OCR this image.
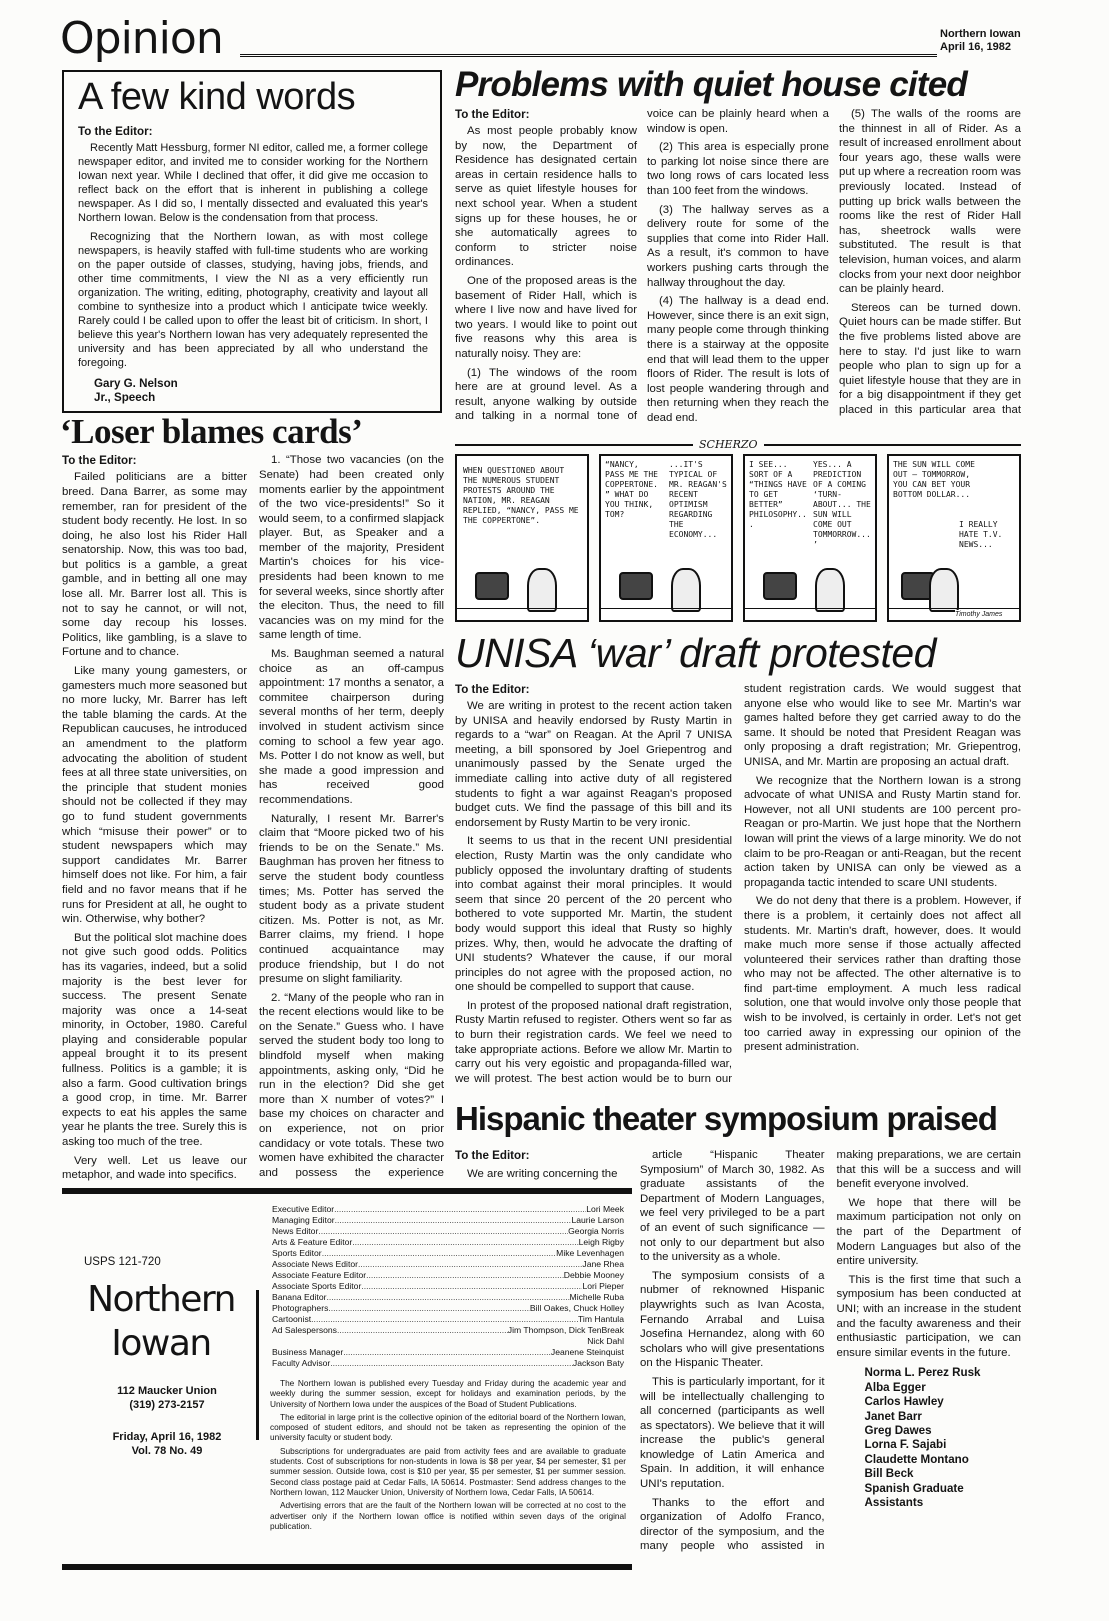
Opinion	Northern Iowan
April 16, 1982
A few kind words
To the Editor:

Recently Matt Hessburg, former NI editor, called me, a former college newspaper editor, and invited me to consider working for the Northern Iowan next year. While I declined that offer, it did give me occasion to reflect back on the effort that is inherent in publishing a college newspaper. As I did so, I mentally dissected and evaluated this year's Northern Iowan. Below is the condensation from that process.

Recognizing that the Northern Iowan, as with most college newspapers, is heavily staffed with full-time students who are working on the paper outside of classes, studying, having jobs, friends, and other time commitments, I view the NI as a very efficiently run organization. The writing, editing, photography, creativity and layout all combine to synthesize into a product which I anticipate twice weekly. Rarely could I be called upon to offer the least bit of criticism. In short, I believe this year's Northern Iowan has very adequately represented the university and has been appreciated by all who understand the foregoing.

Gary G. Nelson
Jr., Speech
‘Loser blames cards’
To the Editor:

Failed politicians are a bitter breed. Dana Barrer, as some may remember, ran for president of the student body recently. He lost. In so doing, he also lost his Rider Hall senatorship. Now, this was too bad, but politics is a gamble, a great gamble, and in betting all one may lose all. Mr. Barrer lost all. This is not to say he cannot, or will not, some day recoup his losses. Politics, like gambling, is a slave to Fortune and to chance.

Like many young gamesters, or gamesters much more seasoned but no more lucky, Mr. Barrer has left the table blaming the cards. At the Republican caucuses, he introduced an amendment to the platform advocating the abolition of student fees at all three state universities, on the principle that student monies should not be collected if they may go to fund student governments which “misuse their power” or to student newspapers which may support candidates Mr. Barrer himself does not like. For him, a fair field and no favor means that if he runs for President at all, he ought to win. Otherwise, why bother?

But the political slot machine does not give such good odds. Politics has its vagaries, indeed, but a solid majority is the best lever for success. The present Senate majority was once a 14-seat minority, in October, 1980. Careful playing and considerable popular appeal brought it to its present fullness. Politics is a gamble; it is also a farm. Good cultivation brings a good crop, in time. Mr. Barrer expects to eat his apples the same year he plants the tree. Surely this is asking too much of the tree.

Very well. Let us leave our metaphor, and wade into specifics.

1. “Those two vacancies (on the Senate) had been created only moments earlier by the appointment of the two vice-presidents!” So it would seem, to a confirmed slapjack player. But, as Speaker and a member of the majority, President Martin's choices for his vice-presidents had been known to me for several weeks, since shortly after the eleciton. Thus, the need to fill vacancies was on my mind for the same length of time.

Ms. Baughman seemed a natural choice as an off-campus appointment: 17 months a senator, a commitee chairperson during several months of her term, deeply involved in student activism since coming to school a few year ago. Ms. Potter I do not know as well, but she made a good impression and has received good recommendations.

Naturally, I resent Mr. Barrer's claim that “Moore picked two of his friends to be on the Senate.” Ms. Baughman has proven her fitness to serve the student body countless times; Ms. Potter has served the student body as a private student citizen. Ms. Potter is not, as Mr. Barrer claims, my friend. I hope continued acquaintance may produce friendship, but I do not presume on slight familiarity.

2. “Many of the people who ran in the recent elections would like to be on the Senate.” Guess who. I have served the student body too long to blindfold myself when making appointments, asking only, “Did he run in the election? Did she get more than X number of votes?” I base my choices on character and on experience, not on prior candidacy or vote totals. These two women have exhibited the character and possess the experience

Problems with quiet house cited
To the Editor:

As most people probably know by now, the Department of Residence has designated certain areas in certain residence halls to serve as quiet lifestyle houses for next school year. When a student signs up for these houses, he or she automatically agrees to conform to stricter noise ordinances.

One of the proposed areas is the basement of Rider Hall, which is where I live now and have lived for two years. I would like to point out five reasons why this area is naturally noisy. They are:

(1) The windows of the room here are at ground level. As a result, anyone walking by outside and talking in a normal tone of voice can be plainly heard when a window is open.

(2) This area is especially prone to parking lot noise since there are two long rows of cars located less than 100 feet from the windows.

(3) The hallway serves as a delivery route for some of the supplies that come into Rider Hall. As a result, it's common to have workers pushing carts through the hallway throughout the day.

(4) The hallway is a dead end. However, since there is an exit sign, many people come through thinking there is a stairway at the opposite end that will lead them to the upper floors of Rider. The result is lots of lost people wandering through and then returning when they reach the dead end.

(5) The walls of the rooms are the thinnest in all of Rider. As a result of increased enrollment about four years ago, these walls were put up where a recreation room was previously located. Instead of putting up brick walls between the rooms like the rest of Rider Hall has, sheetrock walls were substituted. The result is that television, human voices, and alarm clocks from your next door neighbor can be plainly heard.

Stereos can be turned down. Quiet hours can be made stiffer. But the five problems listed above are here to stay. I'd just like to warn people who plan to sign up for a quiet lifestyle house that they are in for a big disappointment if they get placed in this particular area that

SCHERZO
WHEN QUESTIONED ABOUT THE NUMEROUS STUDENT PROTESTS AROUND THE NATION, MR. REAGAN REPLIED, “NANCY, PASS ME THE COPPERTONE”.
“NANCY, PASS ME THE COPPERTONE.” WHAT DO YOU THINK, TOM?
...IT'S TYPICAL OF MR. REAGAN'S RECENT OPTIMISM REGARDING THE ECONOMY...
I SEE... SORT OF A “THINGS HAVE TO GET BETTER” PHILOSOPHY...
YES... A PREDICTION OF A COMING ‘TURN-ABOUT... THE SUN WILL COME OUT TOMMORROW...’
THE SUN WILL COME OUT — TOMMORROW, YOU CAN BET YOUR BOTTOM DOLLAR...
I REALLY HATE T.V. NEWS...
Timothy James
UNISA ‘war’ draft protested
To the Editor:

We are writing in protest to the recent action taken by UNISA and heavily endorsed by Rusty Martin in regards to a “war” on Reagan. At the April 7 UNISA meeting, a bill sponsored by Joel Griepentrog and unanimously passed by the Senate urged the immediate calling into active duty of all registered students to fight a war against Reagan's proposed budget cuts. We find the passage of this bill and its endorsement by Rusty Martin to be very ironic.

It seems to us that in the recent UNI presidential election, Rusty Martin was the only candidate who publicly opposed the involuntary drafting of students into combat against their moral principles. It would seem that since 20 percent of the 20 percent who bothered to vote supported Mr. Martin, the student body would support this ideal that Rusty so highly prizes. Why, then, would he advocate the drafting of UNI students? Whatever the cause, if our moral principles do not agree with the proposed action, no one should be compelled to support that cause.

In protest of the proposed national draft registration, Rusty Martin refused to register. Others went so far as to burn their registration cards. We feel we need to take appropriate actions. Before we allow Mr. Martin to carry out his very egoistic and propaganda-filled war, we will protest. The best action would be to burn our student registration cards. We would suggest that anyone else who would like to see Mr. Martin's war games halted before they get carried away to do the same. It should be noted that President Reagan was only proposing a draft registration; Mr. Griepentrog, UNISA, and Mr. Martin are proposing an actual draft.

We recognize that the Northern Iowan is a strong advocate of what UNISA and Rusty Martin stand for. However, not all UNI students are 100 percent pro-Reagan or pro-Martin. We just hope that the Northern Iowan will print the views of a large minority. We do not claim to be pro-Reagan or anti-Reagan, but the recent action taken by UNISA can only be viewed as a propaganda tactic intended to scare UNI students.

We do not deny that there is a problem. However, if there is a problem, it certainly does not affect all students. Mr. Martin's draft, however, does. It would make much more sense if those actually affected volunteered their services rather than drafting those who may not be affected. The other alternative is to find part-time employment. A much less radical solution, one that would involve only those people that wish to be involved, is certainly in order. Let's not get too carried away in expressing our opinion of the present administration.

Hispanic theater symposium praised
To the Editor:

We are writing concerning the

article “Hispanic Theater Symposium” of March 30, 1982. As graduate assistants of the Department of Modern Languages, we feel very privileged to be a part of an event of such significance — not only to our department but also to the university as a whole.

The symposium consists of a nubmer of reknowned Hispanic playwrights such as Ivan Acosta, Fernando Arrabal and Luisa Josefina Hernandez, along with 60 scholars who will give presentations on the Hispanic Theater.

This is particularly important, for it will be intellectually challenging to all concerned (participants as well as spectators). We believe that it will increase the public's general knowledge of Latin America and Spain. In addition, it will enhance UNI's reputation.

Thanks to the effort and organization of Adolfo Franco, director of the symposium, and the many people who assisted in making preparations, we are certain that this will be a success and will benefit everyone involved.

We hope that there will be maximum participation not only on the part of the Department of Modern Languages but also of the entire university.

This is the first time that such a symposium has been conducted at UNI; with an increase in the student and the faculty awareness and their enthusiastic participation, we can ensure similar events in the future.

Norma L. Perez Rusk
Alba Egger
Carlos Hawley
Janet Barr
Greg Dawes
Lorna F. Sajabi
Claudette Montano
Bill Beck
Spanish Graduate Assistants
USPS 121-720
Northern
Iowan
112 Maucker Union
(319) 273-2157
Friday, April 16, 1982
Vol. 78 No. 49
Executive Editor .....	Lori Meek
Managing Editor .....	Laurie Larson
News Editor .....	Georgia Norris
Arts & Feature Editor .....	Leigh Rigby
Sports Editor .....	Mike Levenhagen
Associate News Editor .....	Jane Rhea
Associate Feature Editor .....	Debbie Mooney
Associate Sports Editor .....	Lori Pieper
Banana Editor .....	Michelle Ruba
Photographers .....	Bill Oakes, Chuck Holley
Cartoonist .....	Tim Hantula
Ad Salespersons .....	Jim Thompson, Dick TenBreak
Nick Dahl
Business Manager .....	Jeanene Steinquist
Faculty Advisor .....	Jackson Baty

The Northern Iowan is published every Tuesday and Friday during the academic year and weekly during the summer session, except for holidays and examination periods, by the University of Northern Iowa under the auspices of the Boad of Student Publications.

The editorial in large print is the collective opinion of the editorial board of the Northern Iowan, composed of student editors, and should not be taken as representing the opinion of the university faculty or student body.

Subscriptions for undergraduates are paid from activity fees and are available to graduate students. Cost of subscriptions for non-students in Iowa is $8 per year, $4 per semester, $1 per summer session. Outside Iowa, cost is $10 per year, $5 per semester, $1 per summer session. Second class postage paid at Cedar Falls, IA 50614. Postmaster: Send address changes to the Northern Iowan, 112 Maucker Union, University of Northern Iowa, Cedar Falls, IA 50614.

Advertising errors that are the fault of the Northern Iowan will be corrected at no cost to the advertiser only if the Northern Iowan office is notified within seven days of the original publication.
